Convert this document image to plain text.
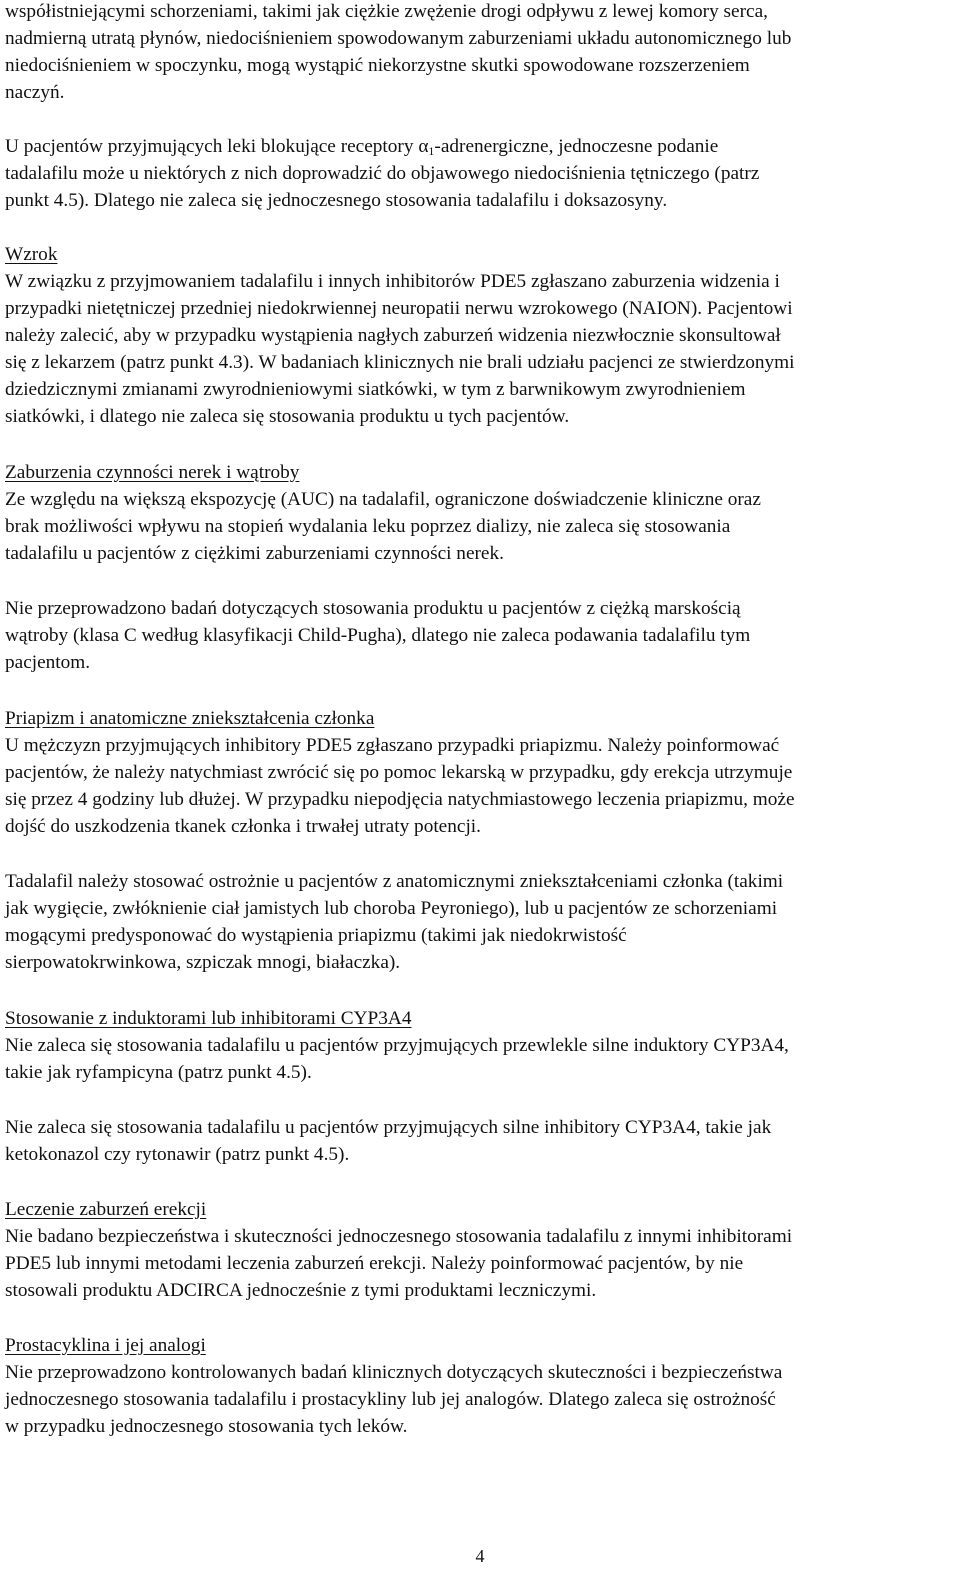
współistniejącymi schorzeniami, takimi jak ciężkie zwężenie drogi odpływu z lewej komory serca,
nadmierną utratą płynów, niedociśnieniem spowodowanym zaburzeniami układu autonomicznego lub
niedociśnieniem w spoczynku, mogą wystąpić niekorzystne skutki spowodowane rozszerzeniem
naczyń.
U pacjentów przyjmujących leki blokujące receptory $\alpha_1$-adrenergiczne, jednoczesne podanie
tadalafilu może u niektórych z nich doprowadzić do objawowego niedociśnienia tętniczego (patrz
punkt 4.5). Dlatego nie zaleca się jednoczesnego stosowania tadalafilu i doksazosyny.
Wzrok
W związku z przyjmowaniem tadalafilu i innych inhibitorów PDE5 zgłaszano zaburzenia widzenia i
przypadki nietętniczej przedniej niedokrwiennej neuropatii nerwu wzrokowego (NAION). Pacjentowi
należy zalecić, aby w przypadku wystąpienia nagłych zaburzeń widzenia niezwłocznie skonsultował
się z lekarzem (patrz punkt 4.3). W badaniach klinicznych nie brali udziału pacjenci ze stwierdzonymi
dziedzicznymi zmianami zwyrodnieniowymi siatkówki, w tym z barwnikowym zwyrodnieniem
siatkówki, i dlatego nie zaleca się stosowania produktu u tych pacjentów.
Zaburzenia czynności nerek i wątroby
Ze względu na większą ekspozycję (AUC) na tadalafil, ograniczone doświadczenie kliniczne oraz
brak możliwości wpływu na stopień wydalania leku poprzez dializy, nie zaleca się stosowania
tadalafilu u pacjentów z ciężkimi zaburzeniami czynności nerek.
Nie przeprowadzono badań dotyczących stosowania produktu u pacjentów z ciężką marskością
wątroby (klasa C według klasyfikacji Child-Pugha), dlatego nie zaleca podawania tadalafilu tym
pacjentom.
Priapizm i anatomiczne zniekształcenia członka
U mężczyzn przyjmujących inhibitory PDE5 zgłaszano przypadki priapizmu. Należy poinformować
pacjentów, że należy natychmiast zwrócić się po pomoc lekarską w przypadku, gdy erekcja utrzymuje
się przez 4 godziny lub dłużej. W przypadku niepodjęcia natychmiastowego leczenia priapizmu, może
dojść do uszkodzenia tkanek członka i trwałej utraty potencji.
Tadalafil należy stosować ostrożnie u pacjentów z anatomicznymi zniekształceniami członka (takimi
jak wygięcie, zwłóknienie ciał jamistych lub choroba Peyroniego), lub u pacjentów ze schorzeniami
mogącymi predysponować do wystąpienia priapizmu (takimi jak niedokrwistość
sierpowatokrwinkowa, szpiczak mnogi, białaczka).
Stosowanie z induktorami lub inhibitorami CYP3A4
Nie zaleca się stosowania tadalafilu u pacjentów przyjmujących przewlekle silne induktory CYP3A4,
takie jak ryfampicyna (patrz punkt 4.5).
Nie zaleca się stosowania tadalafilu u pacjentów przyjmujących silne inhibitory CYP3A4, takie jak
ketokonazol czy rytonawir (patrz punkt 4.5).
Leczenie zaburzeń erekcji
Nie badano bezpieczeństwa i skuteczności jednoczesnego stosowania tadalafilu z innymi inhibitorami
PDE5 lub innymi metodami leczenia zaburzeń erekcji. Należy poinformować pacjentów, by nie
stosowali produktu ADCIRCA jednocześnie z tymi produktami leczniczymi.
Prostacyklina i jej analogi
Nie przeprowadzono kontrolowanych badań klinicznych dotyczących skuteczności i bezpieczeństwa
jednoczesnego stosowania tadalafilu i prostacykliny lub jej analogów. Dlatego zaleca się ostrożność
w przypadku jednoczesnego stosowania tych leków.
4
